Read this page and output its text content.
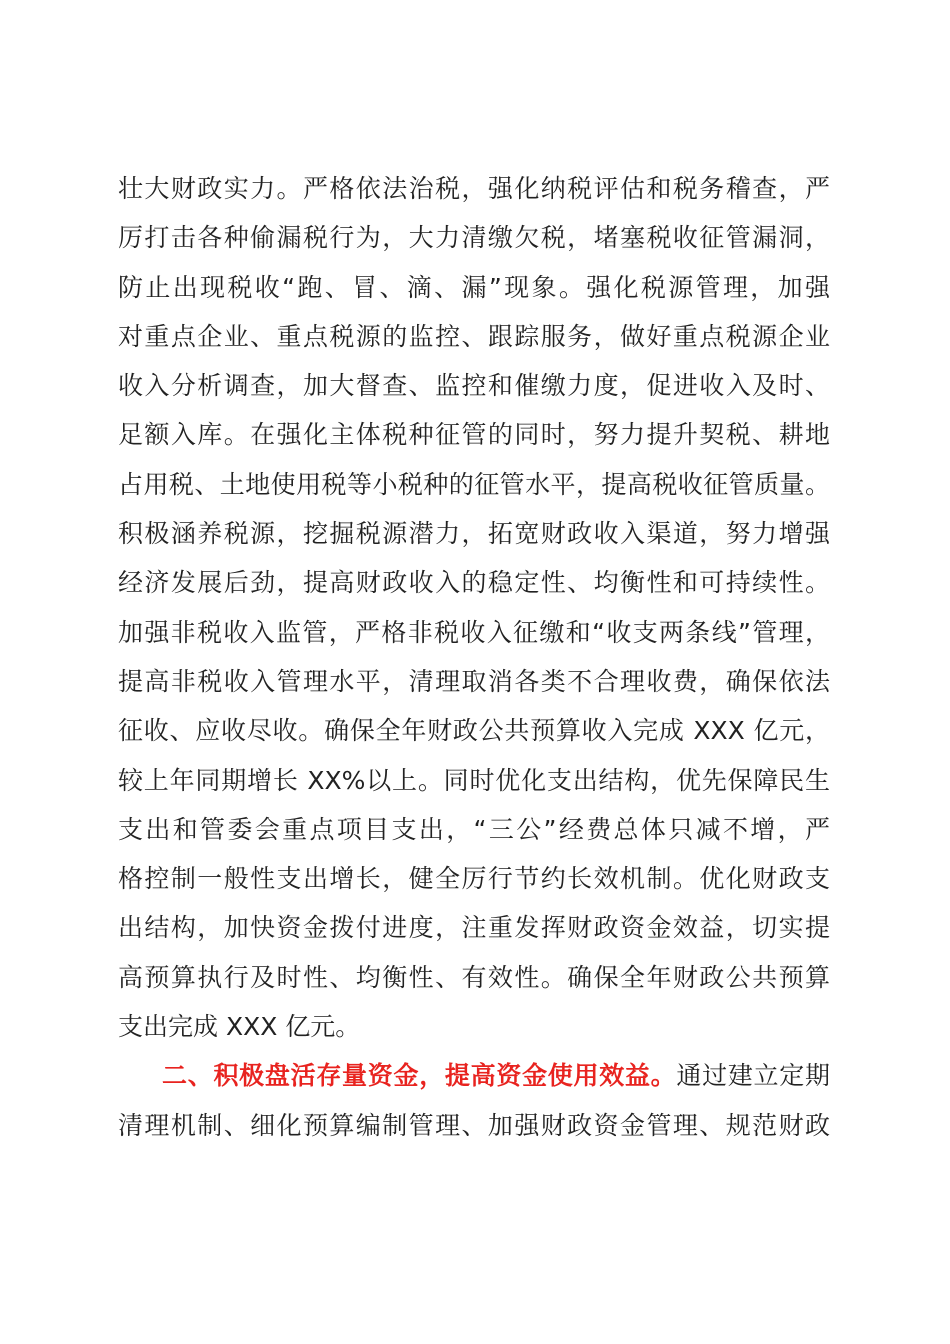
壮大财政实力。严格依法治税，强化纳税评估和税务稽查，严
厉打击各种偷漏税行为，大力清缴欠税，堵塞税收征管漏洞，
防止出现税收“跑、冒、滴、漏”现象。强化税源管理，加强
对重点企业、重点税源的监控、跟踪服务，做好重点税源企业
收入分析调查，加大督查、监控和催缴力度，促进收入及时、
足额入库。在强化主体税种征管的同时，努力提升契税、耕地
占用税、土地使用税等小税种的征管水平，提高税收征管质量。
积极涵养税源，挖掘税源潜力，拓宽财政收入渠道，努力增强
经济发展后劲，提高财政收入的稳定性、均衡性和可持续性。
加强非税收入监管，严格非税收入征缴和“收支两条线”管理，
提高非税收入管理水平，清理取消各类不合理收费，确保依法
征收、应收尽收。确保全年财政公共预算收入完成 XXX 亿元，
较上年同期增长 XX%以上。同时优化支出结构，优先保障民生
支出和管委会重点项目支出，“三公”经费总体只减不增，严
格控制一般性支出增长，健全厉行节约长效机制。优化财政支
出结构，加快资金拨付进度，注重发挥财政资金效益，切实提
高预算执行及时性、均衡性、有效性。确保全年财政公共预算
支出完成 XXX 亿元。
二、积极盘活存量资金，提高资金使用效益。通过建立定期
清理机制、细化预算编制管理、加强财政资金管理、规范财政
